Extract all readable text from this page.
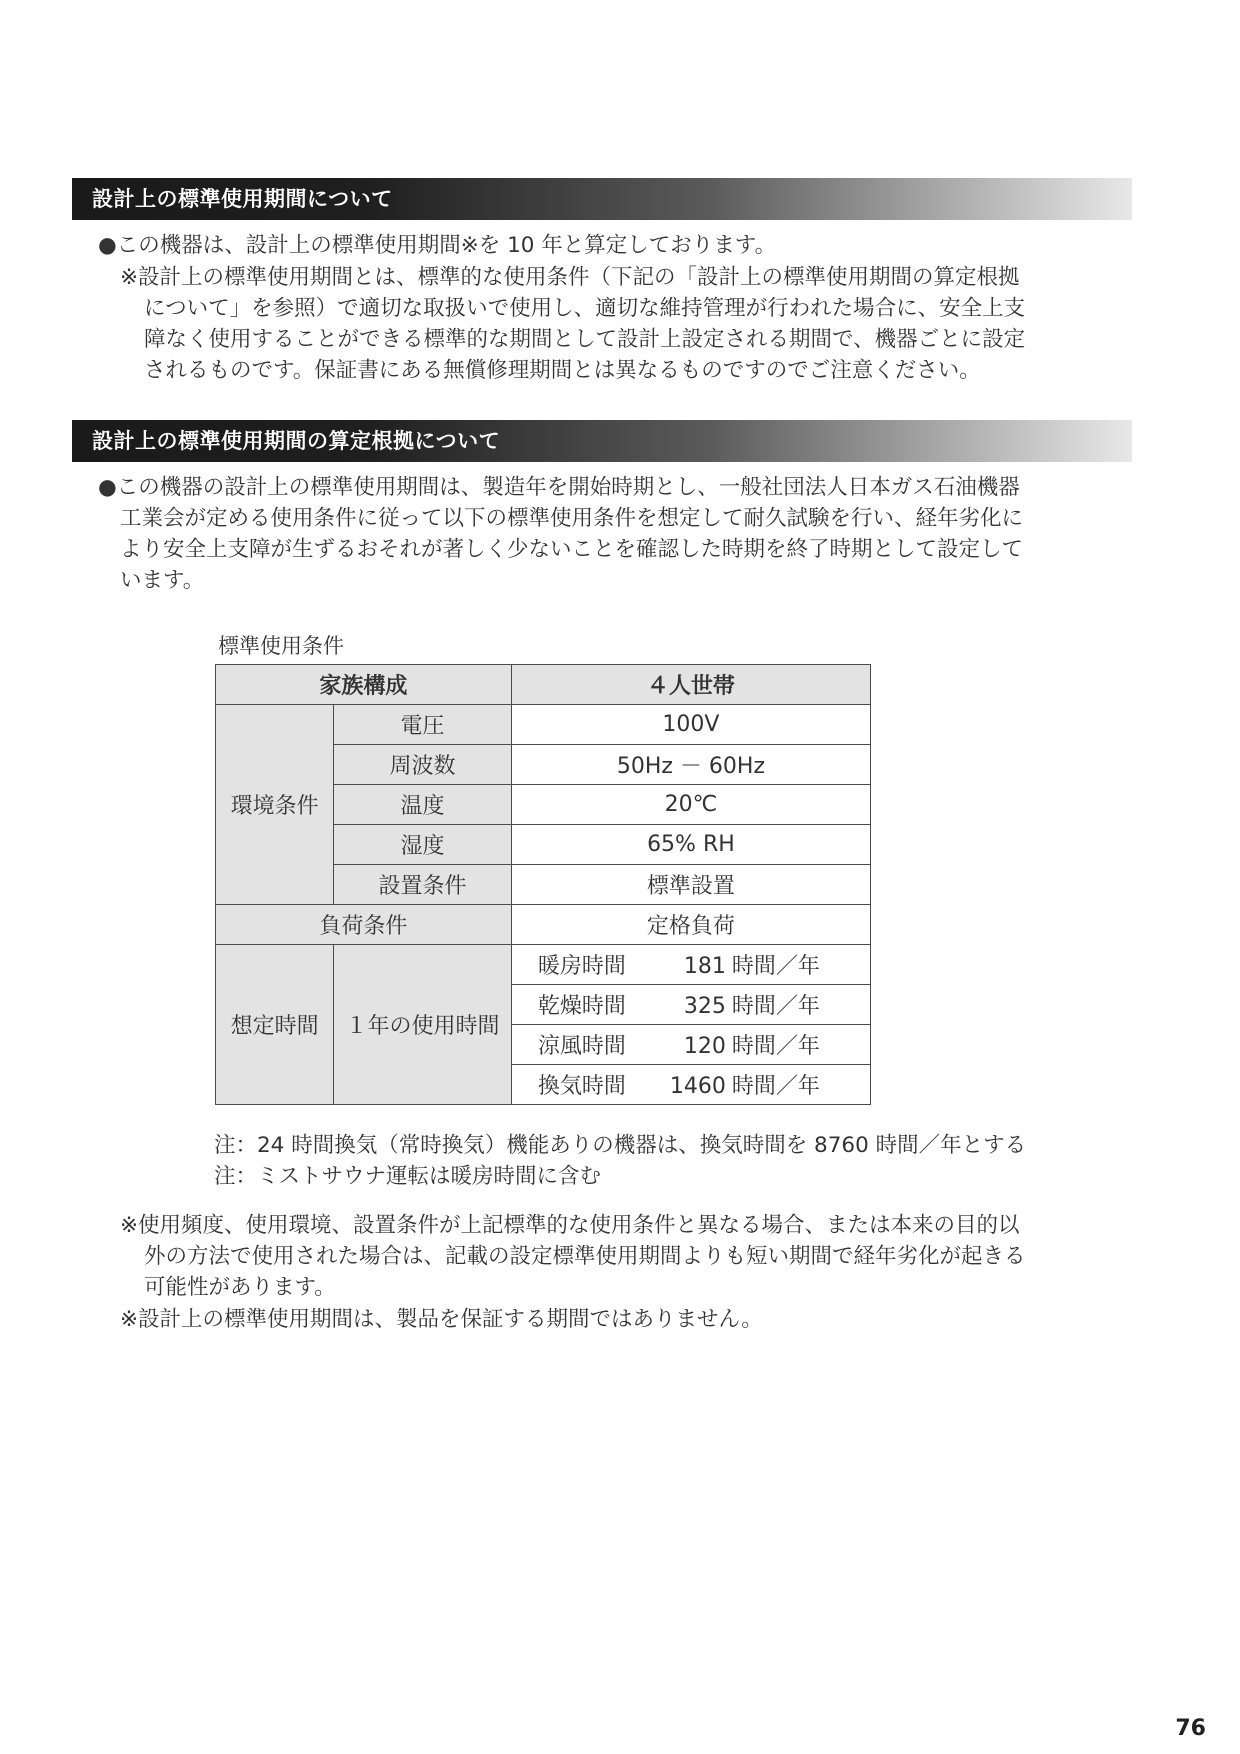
設計上の標準使用期間について
●この機器は、設計上の標準使用期間※を 10 年と算定しております。
※設計上の標準使用期間とは、標準的な使用条件（下記の「設計上の標準使用期間の算定根拠
について」を参照）で適切な取扱いで使用し、適切な維持管理が行われた場合に、安全上支
障なく使用することができる標準的な期間として設計上設定される期間で、機器ごとに設定
されるものです。保証書にある無償修理期間とは異なるものですのでご注意ください。
設計上の標準使用期間の算定根拠について
●この機器の設計上の標準使用期間は、製造年を開始時期とし、一般社団法人日本ガス石油機器
工業会が定める使用条件に従って以下の標準使用条件を想定して耐久試験を行い、経年劣化に
より安全上支障が生ずるおそれが著しく少ないことを確認した時期を終了時期として設定して
います。
標準使用条件
家族構成		４人世帯
環境条件	電圧	100V
	周波数	50Hz － 60Hz
	温度	20℃
	湿度	65% RH
	設置条件	標準設置
負荷条件		定格負荷
想定時間	１年の使用時間	暖房時間 181 時間／年
		乾燥時間 325 時間／年
		涼風時間 120 時間／年
		換気時間 1460 時間／年
注：24 時間換気（常時換気）機能ありの機器は、換気時間を 8760 時間／年とする
注：ミストサウナ運転は暖房時間に含む
※使用頻度、使用環境、設置条件が上記標準的な使用条件と異なる場合、または本来の目的以
外の方法で使用された場合は、記載の設定標準使用期間よりも短い期間で経年劣化が起きる
可能性があります。
※設計上の標準使用期間は、製品を保証する期間ではありません。
76
